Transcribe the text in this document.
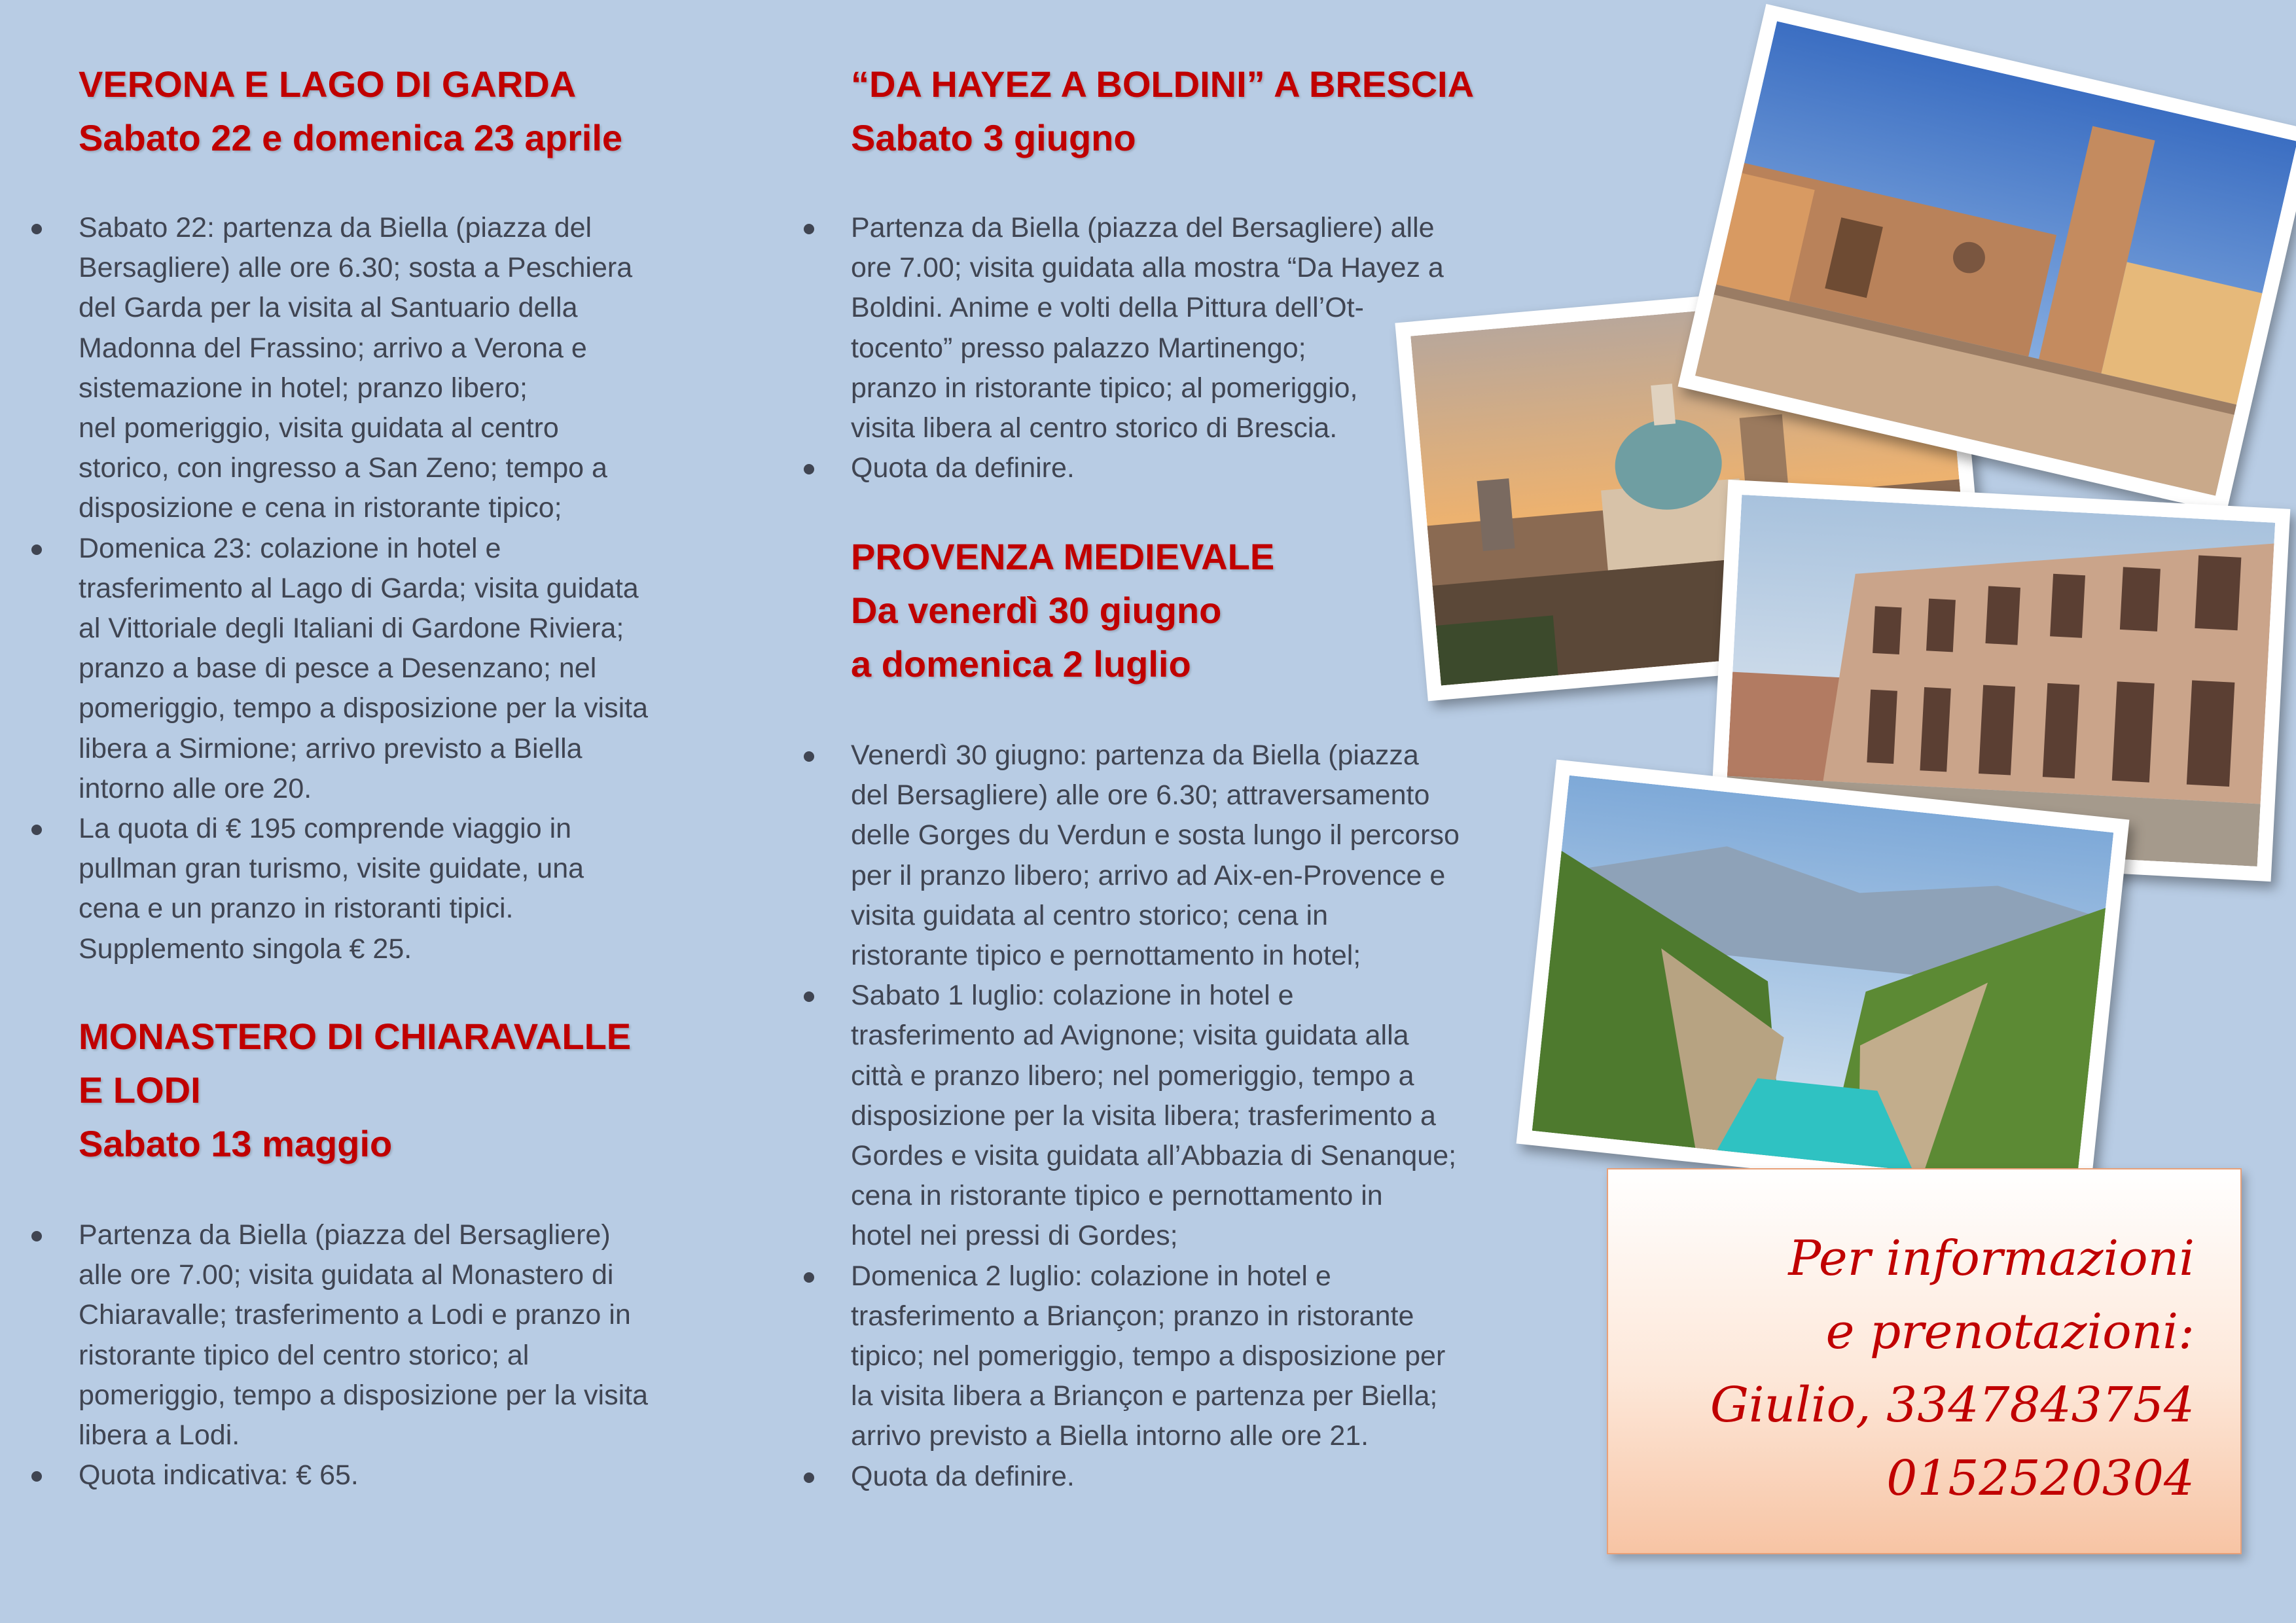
VERONA E LAGO DI GARDA
Sabato 22 e domenica 23 aprile
Sabato 22: partenza da Biella (piazza del
Bersagliere) alle ore 6.30; sosta a Peschiera
del Garda per la visita al Santuario della
Madonna del Frassino; arrivo a Verona e
sistemazione in hotel; pranzo libero;
nel pomeriggio, visita guidata al centro
storico, con ingresso a San Zeno; tempo a
disposizione e cena in ristorante tipico;
Domenica 23: colazione in hotel e
trasferimento al Lago di Garda; visita guidata
al Vittoriale degli Italiani di Gardone Riviera;
pranzo a base di pesce a Desenzano; nel
pomeriggio, tempo a disposizione per la visita
libera a Sirmione; arrivo previsto a Biella
intorno alle ore 20.
La quota di € 195 comprende viaggio in
pullman gran turismo, visite guidate, una
cena e un pranzo in ristoranti tipici.
Supplemento singola € 25.
MONASTERO DI CHIARAVALLE
E LODI
Sabato 13 maggio
Partenza da Biella (piazza del Bersagliere)
alle ore 7.00; visita guidata al Monastero di
Chiaravalle; trasferimento a Lodi e pranzo in
ristorante tipico del centro storico; al
pomeriggio, tempo a disposizione per la visita
libera a Lodi.
Quota indicativa: € 65.
“DA HAYEZ A BOLDINI” A BRESCIA
Sabato 3 giugno
Partenza da Biella (piazza del Bersagliere) alle
ore 7.00; visita guidata alla mostra “Da Hayez a
Boldini. Anime e volti della Pittura dell’Ot-
tocento” presso palazzo Martinengo;
pranzo in ristorante tipico; al pomeriggio,
visita libera al centro storico di Brescia.
Quota da definire.
PROVENZA MEDIEVALE
Da venerdì 30 giugno
a domenica 2 luglio
Venerdì 30 giugno: partenza da Biella (piazza
del Bersagliere) alle ore 6.30; attraversamento
delle Gorges du Verdun e sosta lungo il percorso
per il pranzo libero; arrivo ad Aix-en-Provence e
visita guidata al centro storico; cena in
ristorante tipico e pernottamento in hotel;
Sabato 1 luglio: colazione in hotel e
trasferimento ad Avignone; visita guidata alla
città e pranzo libero; nel pomeriggio, tempo a
disposizione per la visita libera; trasferimento a
Gordes e visita guidata all’Abbazia di Senanque;
cena in ristorante tipico e pernottamento in
hotel nei pressi di Gordes;
Domenica 2 luglio: colazione in hotel e
trasferimento a Briançon; pranzo in ristorante
tipico; nel pomeriggio, tempo a disposizione per
la visita libera a Briançon e partenza per Biella;
arrivo previsto a Biella intorno alle ore 21.
Quota da definire.
Per informazioni
e prenotazioni:
Giulio, 3347843754
0152520304
